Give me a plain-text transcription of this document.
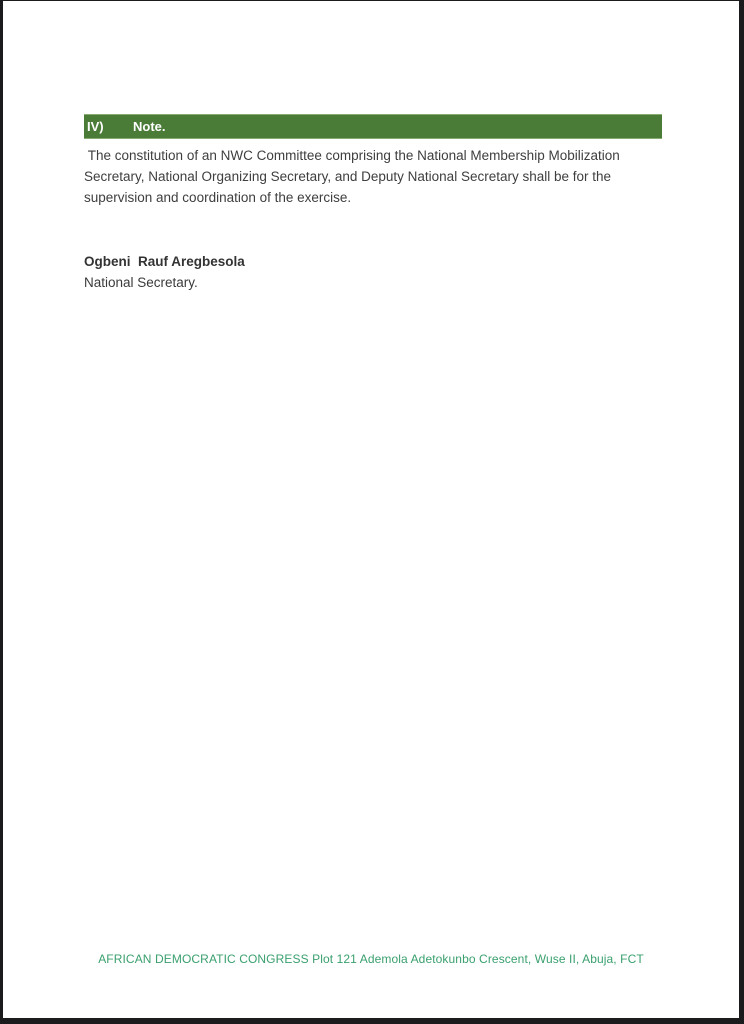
IV) Note.

The constitution of an NWC Committee comprising the National Membership Mobilization Secretary, National Organizing Secretary, and Deputy National Secretary shall be for the supervision and coordination of the exercise.

Ogbeni  Rauf Aregbesola
National Secretary.
AFRICAN DEMOCRATIC CONGRESS Plot 121 Ademola Adetokunbo Crescent, Wuse II, Abuja, FCT
